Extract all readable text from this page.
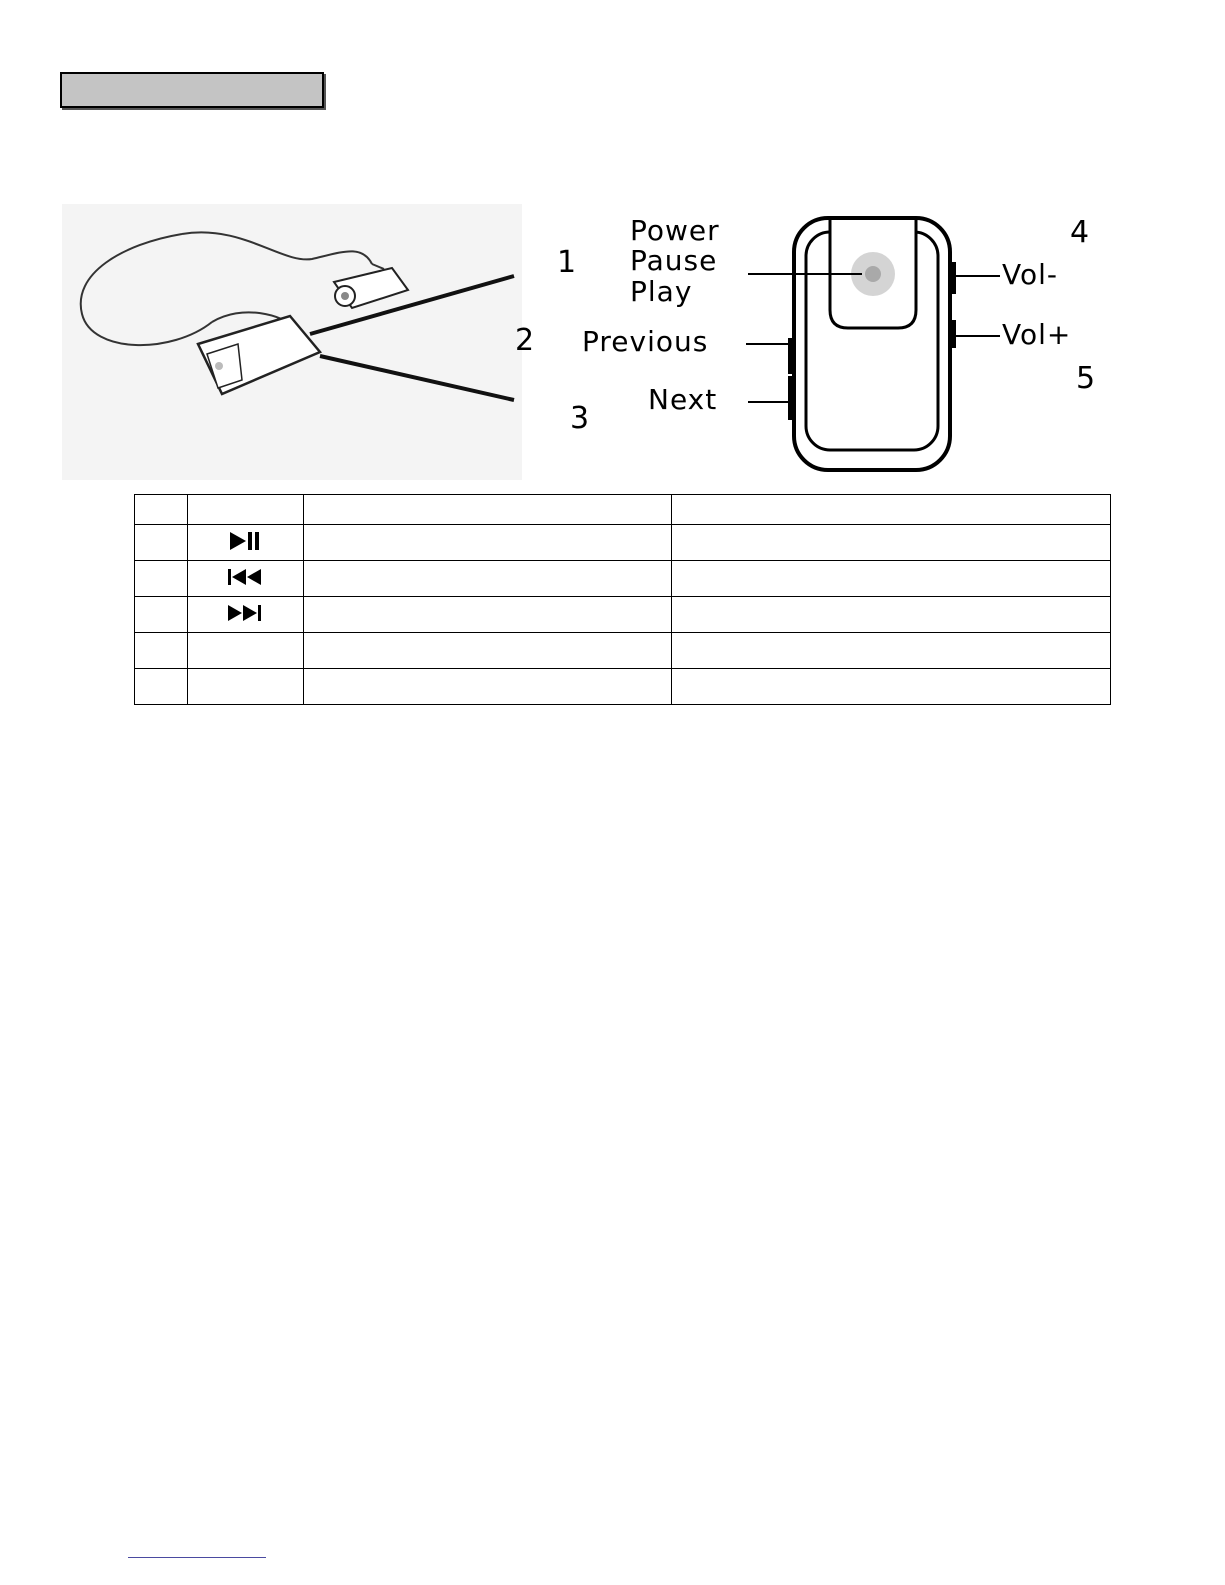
1
2
3
4
5
Power
Pause
Play
Previous
Next
Vol-
Vol+
